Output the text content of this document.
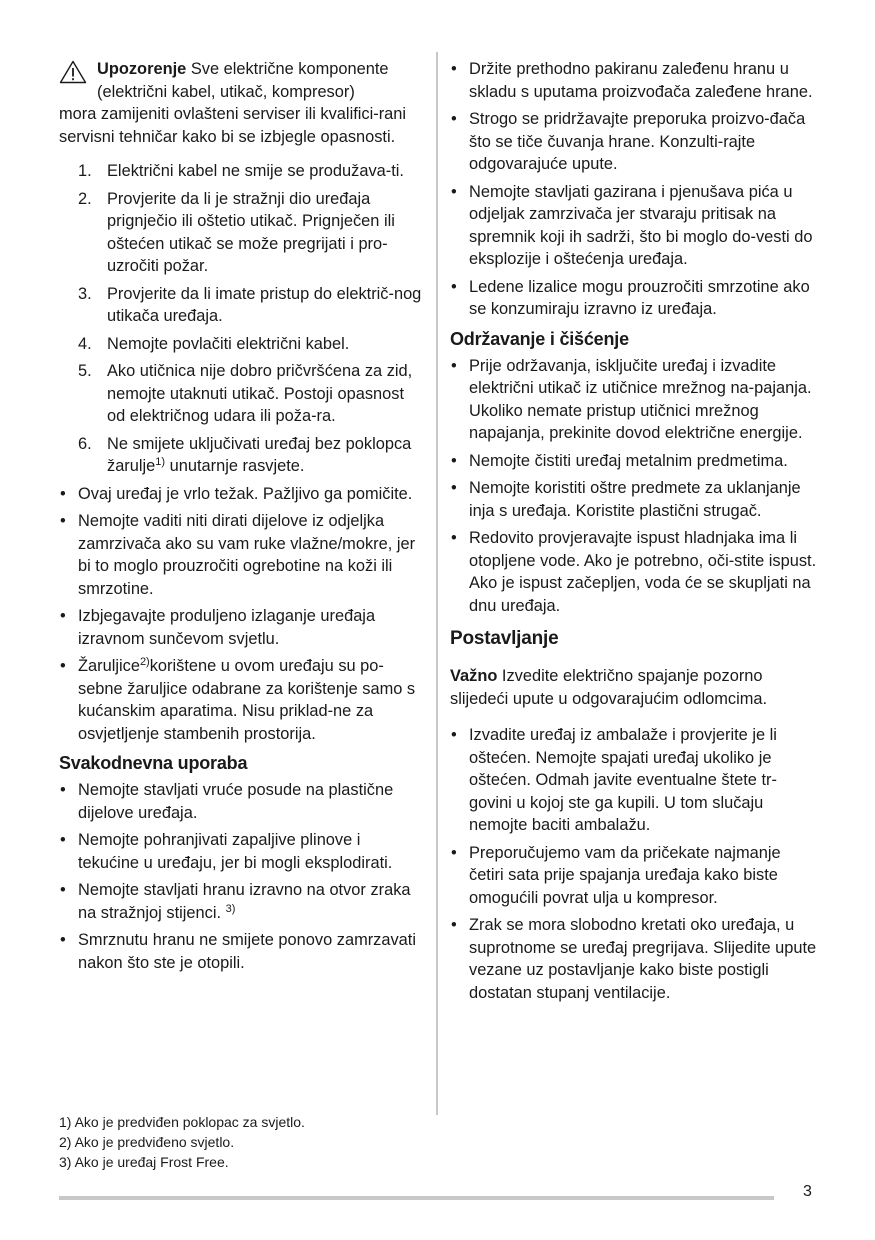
Upozorenje Sve električne komponente
(električni kabel, utikač, kompresor)
mora zamijeniti ovlašteni serviser ili kvalifici-rani servisni tehničar kako bi se izbjegle opasnosti.
1. Električni kabel ne smije se produžava-ti.
2. Provjerite da li je stražnji dio uređaja prignječio ili oštetio utikač. Prignječen ili oštećen utikač se može pregrijati i pro-uzročiti požar.
3. Provjerite da li imate pristup do električ-nog utikača uređaja.
4. Nemojte povlačiti električni kabel.
5. Ako utičnica nije dobro pričvršćena za zid, nemojte utaknuti utikač. Postoji opasnost od električnog udara ili poža-ra.
6. Ne smijete uključivati uređaj bez poklopca žarulje$^{1)}$ unutarnje rasvjete.
• Ovaj uređaj je vrlo težak. Pažljivo ga pomičite.
• Nemojte vaditi niti dirati dijelove iz odjeljka zamrzivača ako su vam ruke vlažne/mokre, jer bi to moglo prouzročiti ogrebotine na koži ili smrzotine.
• Izbjegavajte produljeno izlaganje uređaja izravnom sunčevom svjetlu.
• Žaruljice$^{2)}$korištene u ovom uređaju su po-sebne žaruljice odabrane za korištenje samo s kućanskim aparatima. Nisu priklad-ne za osvjetljenje stambenih prostorija.
Svakodnevna uporaba
• Nemojte stavljati vruće posude na plastične dijelove uređaja.
• Nemojte pohranjivati zapaljive plinove i tekućine u uređaju, jer bi mogli eksplodirati.
• Nemojte stavljati hranu izravno na otvor zraka na stražnjoj stijenci. $^{3)}$
• Smrznutu hranu ne smijete ponovo zamrzavati nakon što ste je otopili.
• Držite prethodno pakiranu zaleđenu hranu u skladu s uputama proizvođača zaleđene hrane.
• Strogo se pridržavajte preporuka proizvo-đača što se tiče čuvanja hrane. Konzulti-rajte odgovarajuće upute.
• Nemojte stavljati gazirana i pjenušava pića u odjeljak zamrzivača jer stvaraju pritisak na spremnik koji ih sadrži, što bi moglo do-vesti do eksplozije i oštećenja uređaja.
• Ledene lizalice mogu prouzročiti smrzotine ako se konzumiraju izravno iz uređaja.
Održavanje i čišćenje
• Prije održavanja, isključite uređaj i izvadite električni utikač iz utičnice mrežnog na-pajanja. Ukoliko nemate pristup utičnici mrežnog napajanja, prekinite dovod električne energije.
• Nemojte čistiti uređaj metalnim predmetima.
• Nemojte koristiti oštre predmete za uklanjanje inja s uređaja. Koristite plastični strugač.
• Redovito provjeravajte ispust hladnjaka ima li otopljene vode. Ako je potrebno, oči-stite ispust. Ako je ispust začepljen, voda će se skupljati na dnu uređaja.
Postavljanje

Važno Izvedite električno spajanje pozorno slijedeći upute u odgovarajućim odlomcima.

• Izvadite uređaj iz ambalaže i provjerite je li oštećen. Nemojte spajati uređaj ukoliko je oštećen. Odmah javite eventualne štete tr-govini u kojoj ste ga kupili. U tom slučaju nemojte baciti ambalažu.
• Preporučujemo vam da pričekate najmanje četiri sata prije spajanja uređaja kako biste omogućili povrat ulja u kompresor.
• Zrak se mora slobodno kretati oko uređaja, u suprotnome se uređaj pregrijava. Slijedite upute vezane uz postavljanje kako biste postigli dostatan stupanj ventilacije.
1) Ako je predviđen poklopac za svjetlo.
2) Ako je predviđeno svjetlo.
3) Ako je uređaj Frost Free.
3
